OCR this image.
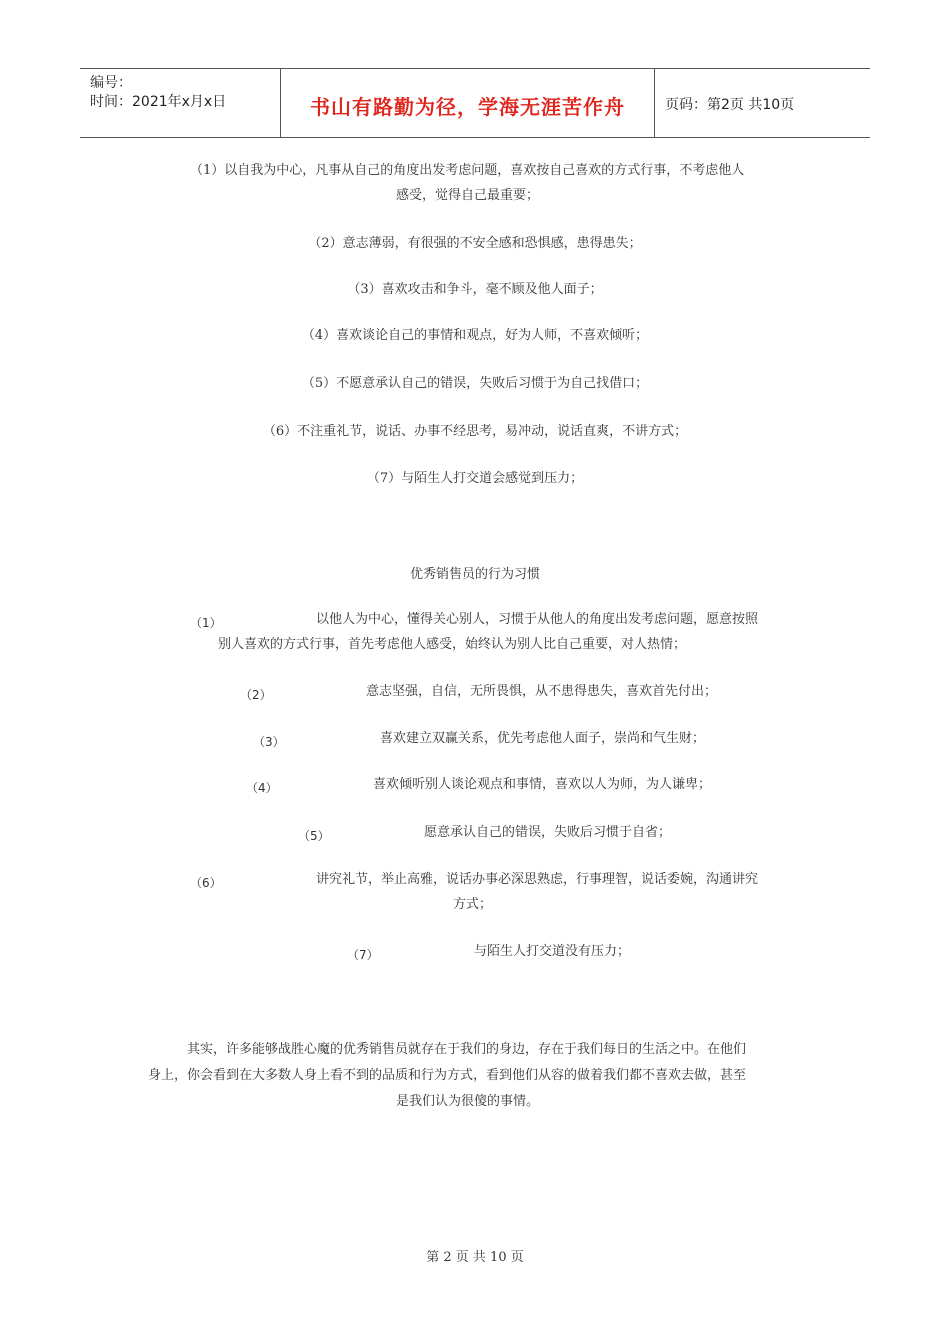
编号：
时间：2021年x月x日	书山有路勤为径，学海无涯苦作舟	页码：第2页 共10页
（1）以自我为中心，凡事从自己的角度出发考虑问题，喜欢按自己喜欢的方式行事，不考虑他人
感受，觉得自己最重要；
（2）意志薄弱，有很强的不安全感和恐惧感，患得患失；
（3）喜欢攻击和争斗，毫不顾及他人面子；
（4）喜欢谈论自己的事情和观点，好为人师，不喜欢倾听；
（5）不愿意承认自己的错误，失败后习惯于为自己找借口；
（6）不注重礼节，说话、办事不经思考，易冲动，说话直爽，不讲方式；
（7）与陌生人打交道会感觉到压力；
优秀销售员的行为习惯
（1）	以他人为中心，懂得关心别人，习惯于从他人的角度出发考虑问题，愿意按照
别人喜欢的方式行事，首先考虑他人感受，始终认为别人比自己重要，对人热情；
（2）	意志坚强，自信，无所畏惧，从不患得患失，喜欢首先付出；
（3）	喜欢建立双赢关系，优先考虑他人面子，崇尚和气生财；
（4）	喜欢倾听别人谈论观点和事情，喜欢以人为师，为人谦卑；
（5）	愿意承认自己的错误，失败后习惯于自省；
（6）	讲究礼节，举止高雅，说话办事必深思熟虑，行事理智，说话委婉，沟通讲究
方式；
（7）	与陌生人打交道没有压力；
其实，许多能够战胜心魔的优秀销售员就存在于我们的身边，存在于我们每日的生活之中。在他们
身上，你会看到在大多数人身上看不到的品质和行为方式，看到他们从容的做着我们都不喜欢去做，甚至
是我们认为很傻的事情。
第 2 页 共 10 页
